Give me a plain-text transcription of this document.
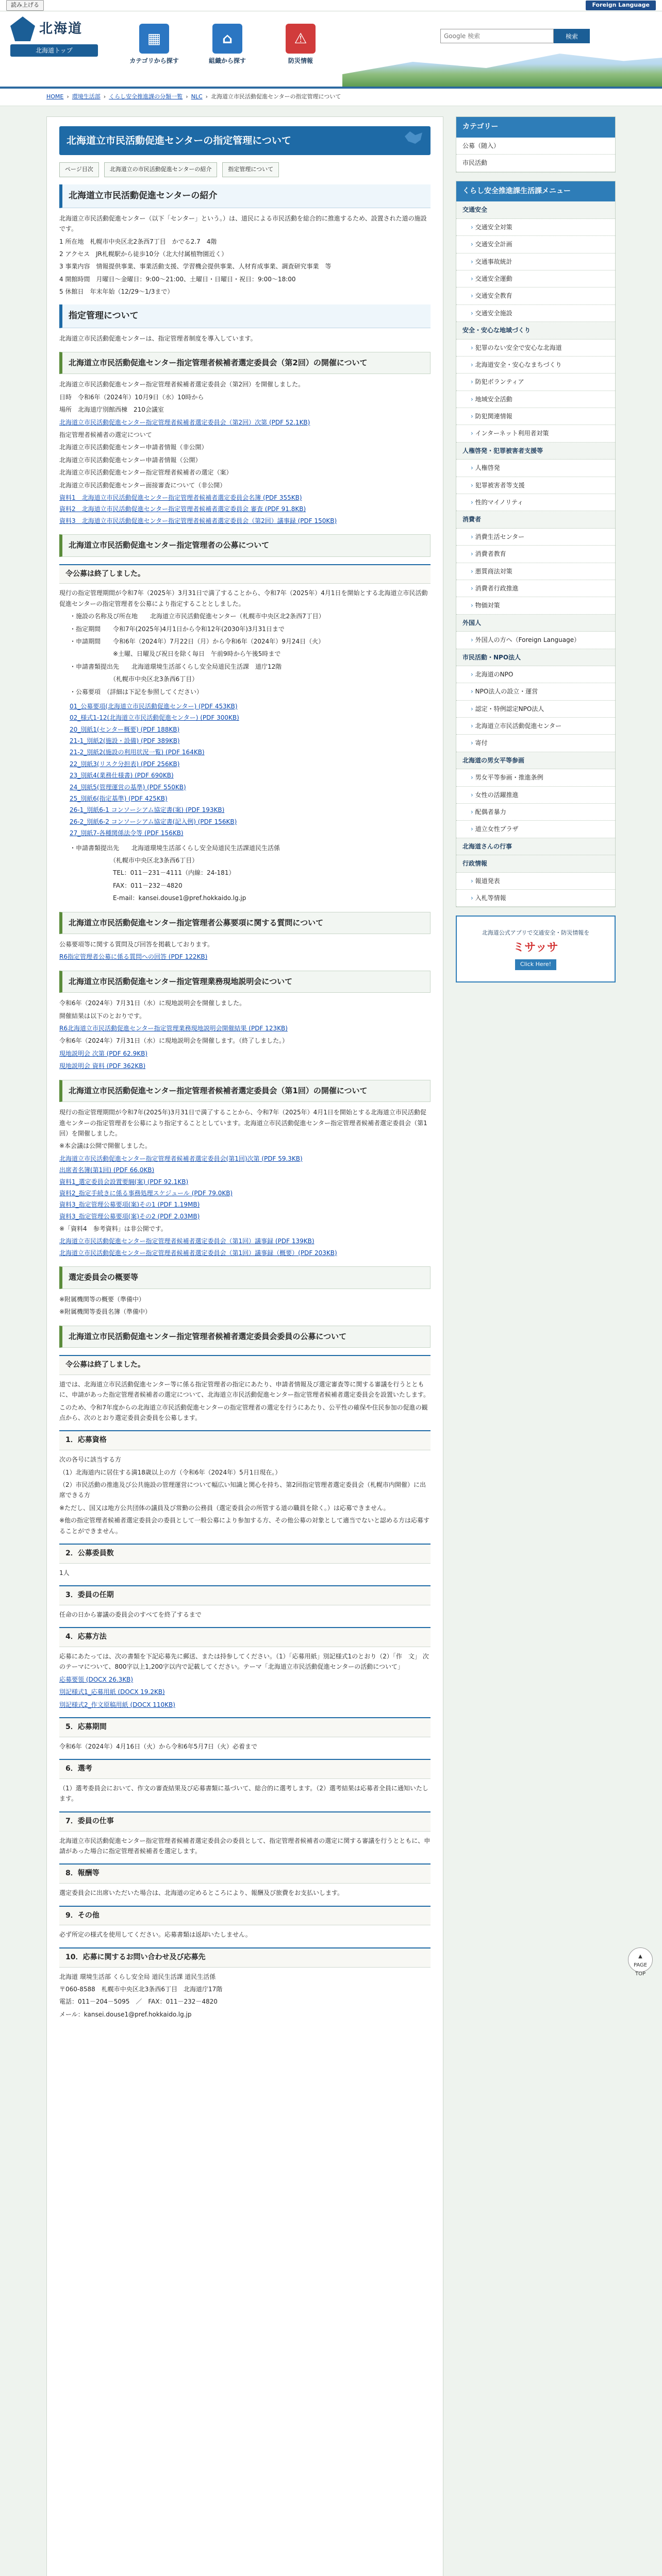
読み上げる	Foreign Language
北海道
北海道トップ
▦
カテゴリから探す
⌂
組織から探す
⚠
防災情報
Google 検索
検索
HOME › 環境生活部 › くらし安全推進課の分類一覧 › NLC › 北海道立市民活動促進センターの指定管理について
北海道立市民活動促進センターの指定管理について
ページ目次	北海道立の市民活動促進センターの紹介	指定管理について
北海道立市民活動促進センターの紹介

北海道立市民活動促進センター（以下「センター」という。）は、道民による市民活動を総合的に推進するため、設置された道の施設です。

1 所在地　札幌市中央区北2条西7丁目　かでる2.7　4階

2 アクセス　JR札幌駅から徒歩10分（北大付属植物園近く）

3 事業内容　情報提供事業、事業活動支援、学習機会提供事業、人材育成事業、調査研究事業　等

4 開館時間　月曜日～金曜日：9:00～21:00、土曜日・日曜日・祝日：9:00～18:00

5 休館日　年末年始（12/29～1/3まで）

指定管理について

北海道立市民活動促進センターは、指定管理者制度を導入しています。

北海道立市民活動促進センター指定管理者候補者選定委員会（第2回）の開催について

北海道立市民活動促進センター指定管理者候補者選定委員会（第2回）を開催しました。

日時　令和6年（2024年）10月9日（水）10時から

場所　北海道庁別館西棟　210会議室

北海道立市民活動促進センター指定管理者候補者選定委員会（第2回）次第 (PDF 52.1KB)

指定管理者候補者の選定について

北海道立市民活動促進センター申請者情報（非公開）

北海道立市民活動促進センター申請者情報（公開）

北海道立市民活動促進センター指定管理者候補者の選定（案）

北海道立市民活動促進センター面接審査について（非公開）

資料1　北海道立市民活動促進センター指定管理者候補者選定委員会名簿 (PDF 355KB)
資料2　北海道立市民活動促進センター指定管理者候補者選定委員会 審査 (PDF 91.8KB)
資料3　北海道立市民活動促進センター指定管理者候補者選定委員会（第2回）議事録 (PDF 150KB)
北海道立市民活動促進センター指定管理者の公募について
令公募は終了しました。

現行の指定管理期間が令和7年（2025年）3月31日で満了することから、令和7年（2025年）4月1日を開始とする北海道立市民活動促進センターの指定管理者を公募により指定することとしました。

・施設の名称及び所在地　　北海道立市民活動促進センター（札幌市中央区北2条西7丁目）

・指定期間　　令和7年(2025年)4月1日から令和12年(2030年)3月31日まで

・申請期間　　令和6年（2024年）7月22日（月）から令和6年（2024年）9月24日（火）

　　　　　　　※土曜、日曜及び祝日を除く毎日　午前9時から午後5時まで

・申請書類提出先　　北海道環境生活部くらし安全局道民生活課　道庁12階

　　　　　　　（札幌市中央区北3条西6丁目）

・公募要項　（詳細は下記を参照してください）

01_公募要項(北海道立市民活動促進センター) (PDF 453KB)
02_様式1-12(北海道立市民活動促進センター) (PDF 300KB)
20_別紙1(センター概要) (PDF 188KB)
21-1_別紙2(施設・設備) (PDF 389KB)
21-2_別紙2(施設の利用状況一覧) (PDF 164KB)
22_別紙3(リスク分担表) (PDF 256KB)
23_別紙4(業務仕様書) (PDF 690KB)
24_別紙5(管理運営の基準) (PDF 550KB)
25_別紙6(指定基準) (PDF 425KB)
26-1_別紙6-1 コンソーシアム協定書(案) (PDF 193KB)
26-2_別紙6-2 コンソーシアム協定書(記入例) (PDF 156KB)
27_別紙7-各種関係法令等 (PDF 156KB)

・申請書類提出先　　北海道環境生活部くらし安全局道民生活課道民生活係

　　　　　　　（札幌市中央区北3条西6丁目）

　　　　　　　TEL：011－231－4111（内線：24-181）

　　　　　　　FAX：011－232－4820

　　　　　　　E-mail：kansei.douse1@pref.hokkaido.lg.jp

北海道立市民活動促進センター指定管理者公募要項に関する質問について

公募要項等に関する質問及び回答を掲載しております。

R6指定管理者公募に係る質問への回答 (PDF 122KB)

北海道立市民活動促進センター指定管理業務現地説明会について

令和6年（2024年）7月31日（水）に現地説明会を開催しました。

開催結果は以下のとおりです。

R6北海道立市民活動促進センター指定管理業務現地説明会開催結果 (PDF 123KB)

令和6年（2024年）7月31日（水）に現地説明会を開催します。（終了しました。）

現地説明会 次第 (PDF 62.9KB)

現地説明会 資料 (PDF 362KB)

北海道立市民活動促進センター指定管理者候補者選定委員会（第1回）の開催について

現行の指定管理期間が令和7年(2025年)3月31日で満了することから、令和7年（2025年）4月1日を開始とする北海道立市民活動促進センターの指定管理者を公募により指定することとしています。北海道立市民活動促進センター指定管理者候補者選定委員会（第1回）を開催しました。

※本会議は公開で開催しました。

北海道立市民活動促進センター指定管理者候補者選定委員会(第1回)次第 (PDF 59.3KB)
出席者名簿(第1回) (PDF 66.0KB)
資料1_選定委員会設置要綱(案) (PDF 92.1KB)
資料2_指定手続きに係る事務処理スケジュール (PDF 79.0KB)
資料3_指定管理公募要項(案)その1 (PDF 1.19MB)
資料3_指定管理公募要項(案)その2 (PDF 2.03MB)

※「資料4　参考資料」は非公開です。

北海道立市民活動促進センター指定管理者候補者選定委員会（第1回）議事録 (PDF 139KB)
北海道立市民活動促進センター指定管理者候補者選定委員会（第1回）議事録（概要）(PDF 203KB)
選定委員会の概要等

※附属機関等の概要（準備中）

※附属機関等委員名簿（準備中）

北海道立市民活動促進センター指定管理者候補者選定委員会委員の公募について
令公募は終了しました。

道では、北海道立市民活動促進センター等に係る指定管理者の指定にあたり、申請者情報及び選定審査等に関する審議を行うとともに、申請があった指定管理者候補者の選定について、北海道立市民活動促進センター指定管理者候補者選定委員会を設置いたします。

このため、令和7年度からの北海道立市民活動促進センターの指定管理者の選定を行うにあたり、公平性の確保や住民参加の促進の観点から、次のとおり選定委員会委員を公募します。

1．応募資格

次の各号に該当する方

（1）北海道内に居住する満18歳以上の方（令和6年（2024年）5月1日現在。）

（2）市民活動の推進及び公共施設の管理運営について幅広い知識と関心を持ち、第2回指定管理者選定委員会（札幌市内開催）に出席できる方

※ただし、国又は地方公共団体の議員及び常勤の公務員（選定委員会の所管する道の職員を除く。）は応募できません。

※他の指定管理者候補者選定委員会の委員として一般公募により参加する方、その他公募の対象として適当でないと認める方は応募することができません。

2．公募委員数

1人

3．委員の任期

任命の日から審議の委員会のすべてを終了するまで

4．応募方法

応募にあたっては、次の書類を下記応募先に郵送、または持参してください。（1）「応募用紙」別記様式1のとおり（2）「作　文」 次のテーマについて、800字以上1,200字以内で記載してください。テーマ「北海道立市民活動促進センターの活動について」

応募要領 (DOCX 26.3KB)

別記様式1_応募用紙 (DOCX 19.2KB)

別記様式2_作文原稿用紙 (DOCX 110KB)

5．応募期間

令和6年（2024年）4月16日（火）から令和6年5月7日（火）必着まで

6．選考

（1）選考委員会において、作文の審査結果及び応募書類に基づいて、総合的に選考します。（2）選考結果は応募者全員に通知いたします。

7．委員の仕事

北海道立市民活動促進センター指定管理者候補者選定委員会の委員として、指定管理者候補者の選定に関する審議を行うとともに、申請があった場合に指定管理者候補者を選定します。

8．報酬等

選定委員会に出席いただいた場合は、北海道の定めるところにより、報酬及び旅費をお支払いします。

9．その他

必ず所定の様式を使用してください。応募書類は返却いたしません。

10．応募に関するお問い合わせ及び応募先

北海道 環境生活部 くらし安全局 道民生活課 道民生活係

〒060-8588　札幌市中央区北3条西6丁目　北海道庁17階

電話：011－204－5095　／　FAX：011－232－4820

メール：kansei.douse1@pref.hokkaido.lg.jp

カテゴリー
公募（随入）
市民活動
くらし安全推進課生活課メニュー
交通安全
› 交通安全対策
› 交通安全計画
› 交通事故統計
› 交通安全運動
› 交通安全教育
› 交通安全施設
安全・安心な地域づくり
› 犯罪のない安全で安心な北海道
› 北海道安全・安心なまちづくり
› 防犯ボランティア
› 地域安全活動
› 防犯関連情報
› インターネット利用者対策
人権啓発・犯罪被害者支援等
› 人権啓発
› 犯罪被害者等支援
› 性的マイノリティ
消費者
› 消費生活センター
› 消費者教育
› 悪質商法対策
› 消費者行政推進
› 物価対策
外国人
› 外国人の方へ（Foreign Language）
市民活動・NPO法人
› 北海道のNPO
› NPO法人の設立・運営
› 認定・特例認定NPO法人
› 北海道立市民活動促進センター
› 寄付
北海道の男女平等参画
› 男女平等参画・推進条例
› 女性の活躍推進
› 配偶者暴力
› 道立女性プラザ
北海道さんの行事
行政情報
› 報道発表
› 入札等情報
北海道公式アプリで交通安全・防災情報を
ミサッサ
Click Here!
▲
PAGE TOP
